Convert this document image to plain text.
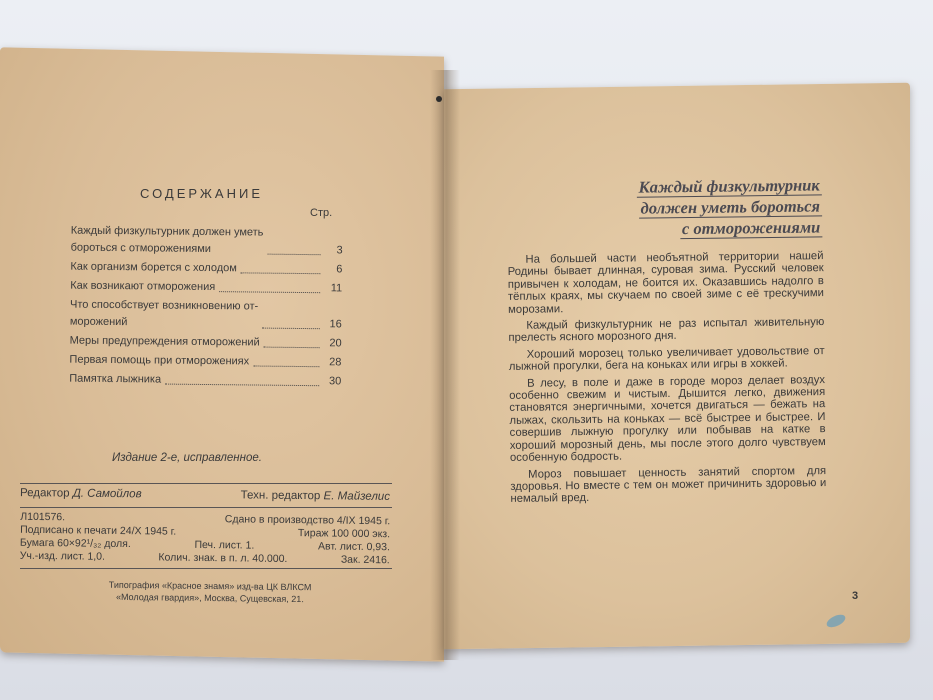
СОДЕРЖАНИЕ
Стр.
Каждый физкультурник должен уметь
бороться с отморожениями	3
Как организм борется с холодом	6
Как возникают отморожения	11
Что способствует возникновению от-
морожений	16
Меры предупреждения отморожений	20
Первая помощь при отморожениях	28
Памятка лыжника	30
Издание 2-е, исправленное.
Редактор Д. Самойлов	Техн. редактор Е. Майзелис
Л101576.	Сдано в производство 4/IX 1945 г.
Подписано к печати 24/X 1945 г.	Тираж 100 000 экз.
Бумага 60×92¹/₃₂ доля.	Печ. лист. 1.	Авт. лист. 0,93.
Уч.-изд. лист. 1,0.	Колич. знак. в п. л. 40.000.	Зак. 2416.
Типография «Красное знамя» изд-ва ЦК ВЛКСМ
«Молодая гвардия», Москва, Сущевская, 21.
Каждый физкультурник
должен уметь бороться
с отморожениями

На большей части необъятной территории нашей Родины бывает длинная, суровая зима. Русский человек привычен к холодам, не боится их. Оказавшись надолго в тёплых краях, мы скучаем по своей зиме с её трескучими морозами.

Каждый физкультурник не раз испытал живительную прелесть ясного морозного дня.

Хороший морозец только увеличивает удовольствие от лыжной прогулки, бега на коньках или игры в хоккей.

В лесу, в поле и даже в городе мороз делает воздух особенно свежим и чистым. Дышится легко, движения становятся энергичными, хочется двигаться — бежать на лыжах, скользить на коньках — всё быстрее и быстрее. И совершив лыжную прогулку или побывав на катке в хороший морозный день, мы после этого долго чувствуем особенную бодрость.

Мороз повышает ценность занятий спортом для здоровья. Но вместе с тем он может причинить здоровью и немалый вред.

3
